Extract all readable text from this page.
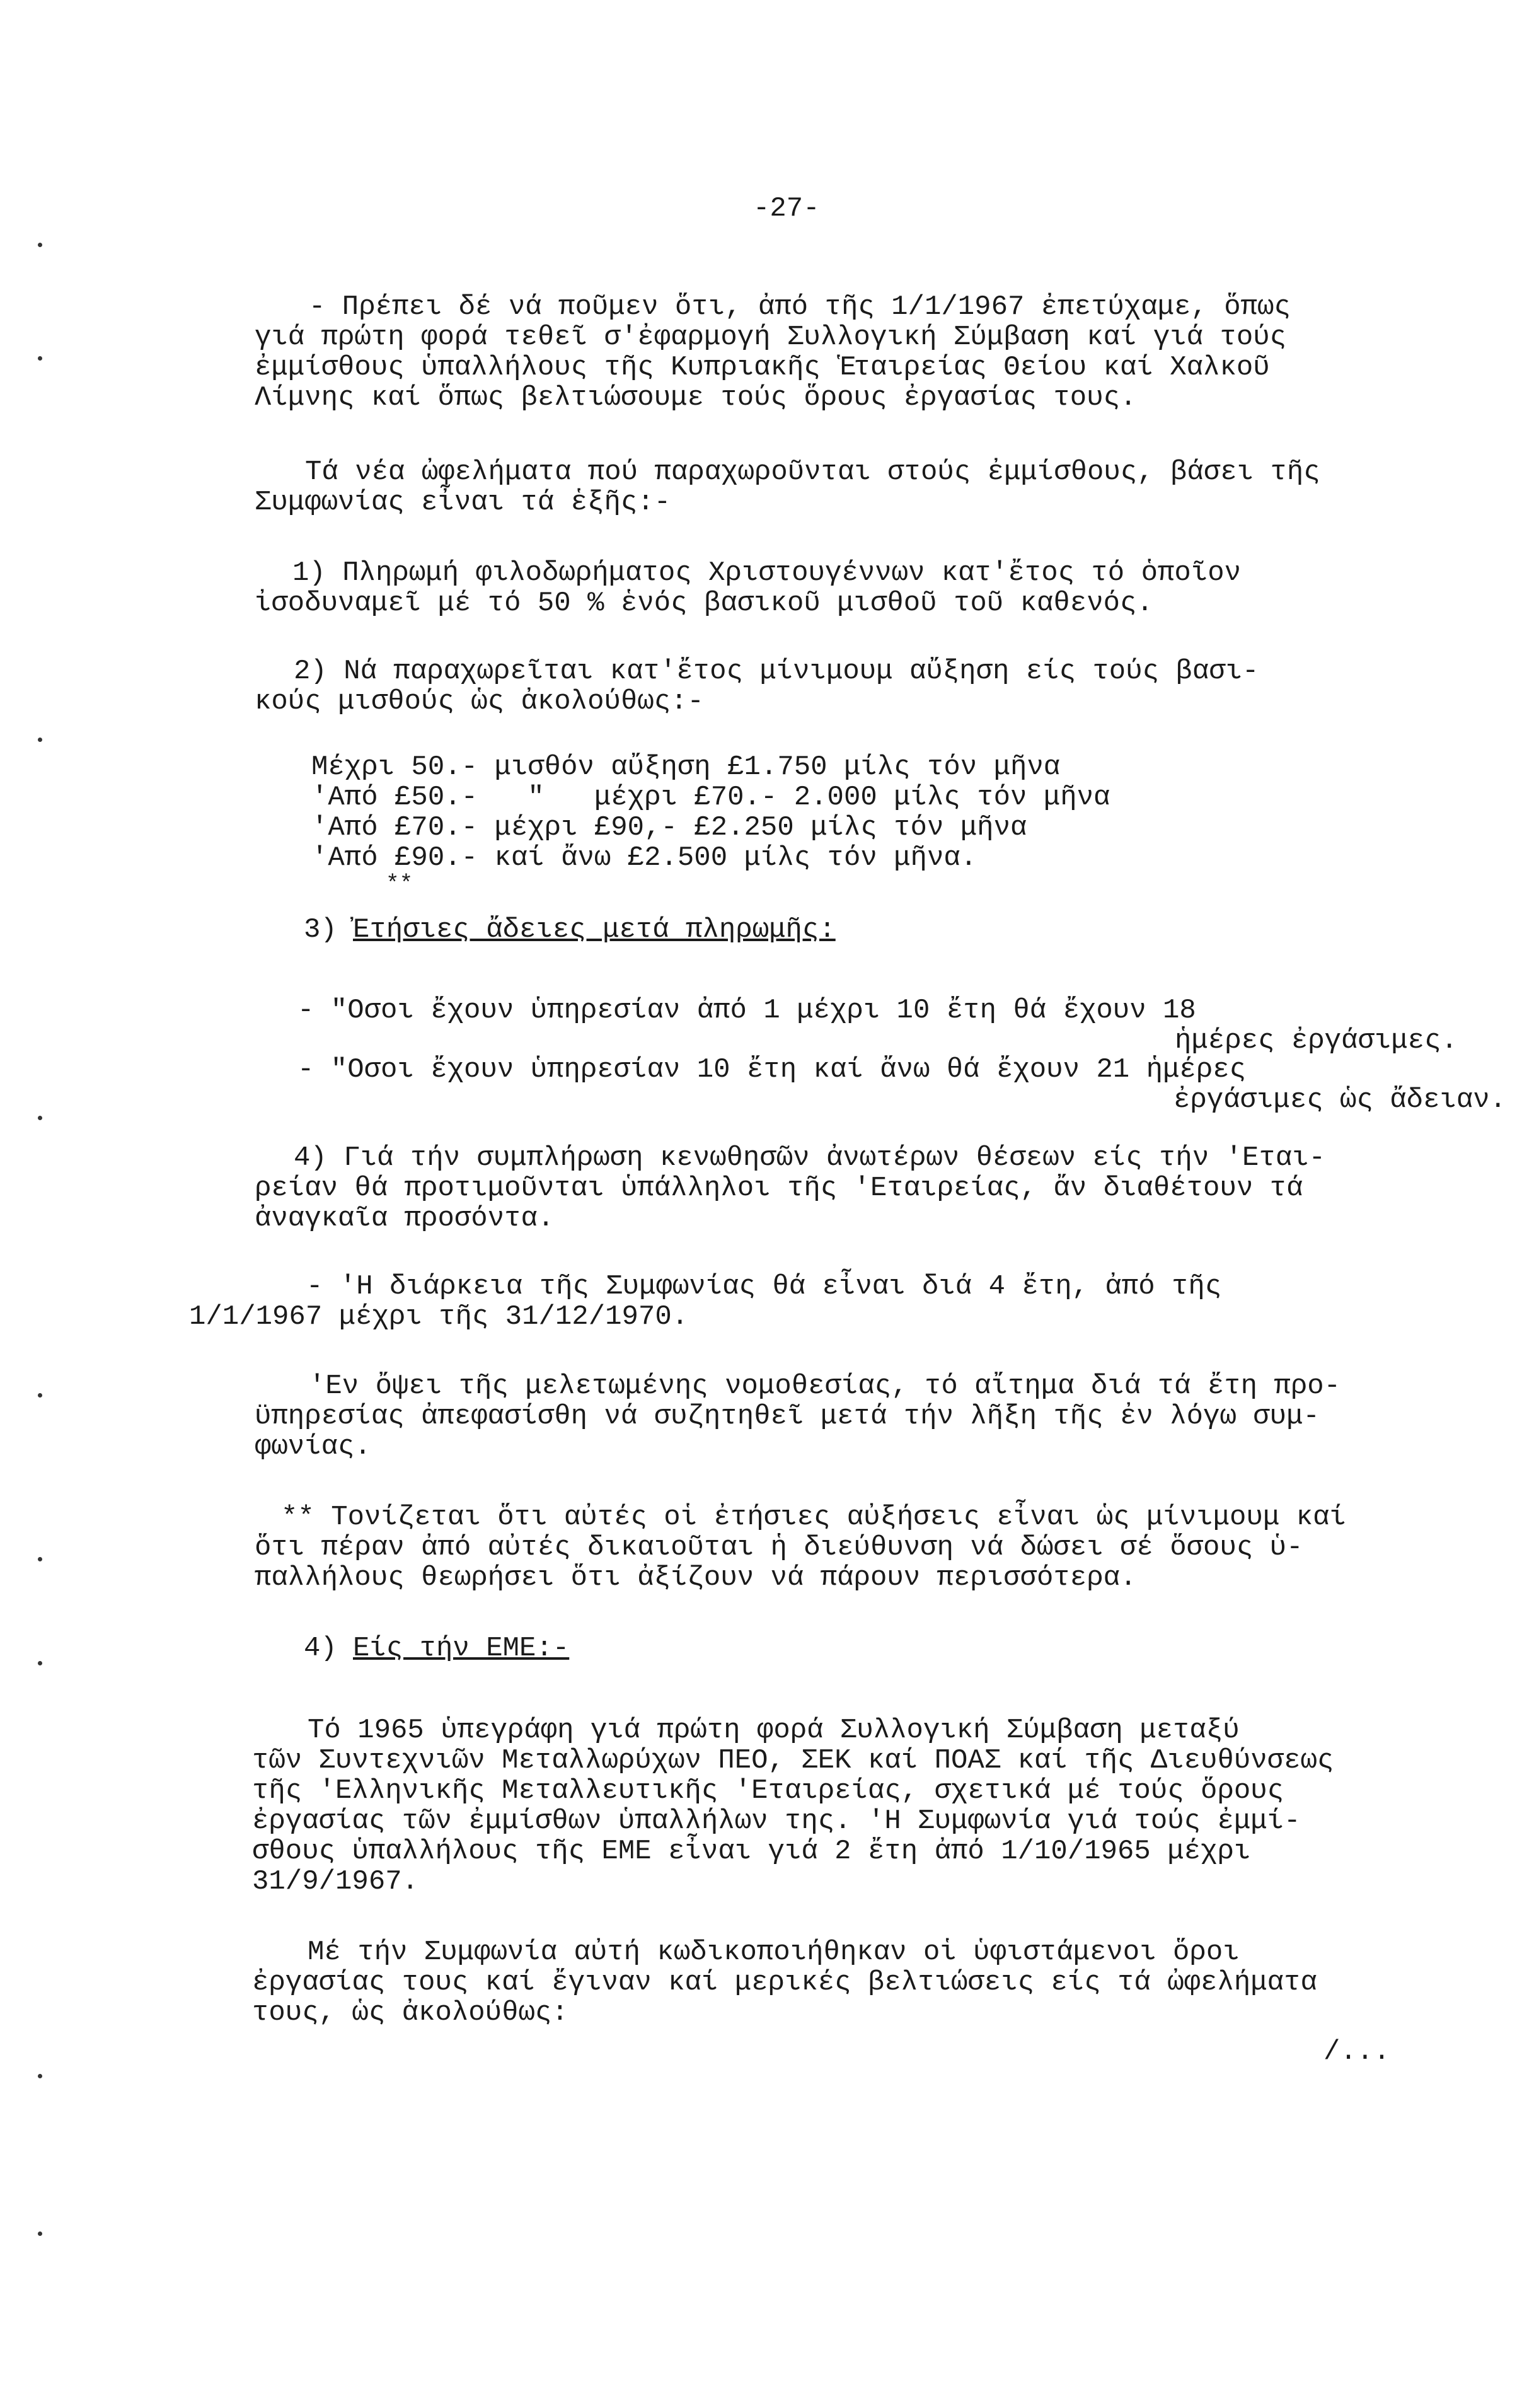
-27-
- Πρέπει δέ νά ποῦμεν ὅτι, ἀπό τῆς 1/1/1967 ἐπετύχαμε, ὅπως
γιά πρώτη φορά τεθεῖ σ'ἐφαρμογή Συλλογική Σύμβαση καί γιά τούς
ἐμμίσθους ὑπαλλήλους τῆς Κυπριακῆς Ἑταιρείας Θείου καί Χαλκοῦ
Λίμνης καί ὅπως βελτιώσουμε τούς ὅρους ἐργασίας τους.
Τά νέα ὠφελήματα πού παραχωροῦνται στούς ἐμμίσθους, βάσει τῆς
Συμφωνίας εἶναι τά ἑξῆς:-
1) Πληρωμή φιλοδωρήματος Χριστουγέννων κατ'ἔτος τό ὁποῖον
ἰσοδυναμεῖ μέ τό 50 % ἑνός βασικοῦ μισθοῦ τοῦ καθενός.
2) Νά παραχωρεῖται κατ'ἔτος μίνιμουμ αὔξηση είς τούς βασι-
κούς μισθούς ὡς ἀκολούθως:-
Μέχρι 50.- μισθόν αὔξηση £1.750 μίλς τόν μῆνα
'Από £50.-   "   μέχρι £70.- 2.000 μίλς τόν μῆνα
'Από £70.- μέχρι £90,- £2.250 μίλς τόν μῆνα
'Από £90.- καί ἄνω £2.500 μίλς τόν μῆνα.
**
3) Ἐτήσιες ἄδειες μετά πληρωμῆς:
- "Οσοι ἔχουν ὑπηρεσίαν ἀπό 1 μέχρι 10 ἔτη θά ἔχουν 18
ἡμέρες ἐργάσιμες.
- "Οσοι ἔχουν ὑπηρεσίαν 10 ἔτη καί ἄνω θά ἔχουν 21 ἡμέρες
ἐργάσιμες ὡς ἄδειαν.
4) Γιά τήν συμπλήρωση κενωθησῶν ἀνωτέρων θέσεων είς τήν 'Εται-
ρείαν θά προτιμοῦνται ὑπάλληλοι τῆς 'Εταιρείας, ἄν διαθέτουν τά
ἀναγκαῖα προσόντα.
- 'Η διάρκεια τῆς Συμφωνίας θά εἶναι διά 4 ἔτη, ἀπό τῆς
1/1/1967 μέχρι τῆς 31/12/1970.
'Εν ὄψει τῆς μελετωμένης νομοθεσίας, τό αἴτημα διά τά ἔτη προ-
ϋπηρεσίας ἀπεφασίσθη νά συζητηθεῖ μετά τήν λῆξη τῆς ἐν λόγω συμ-
φωνίας.
** Τονίζεται ὅτι αὐτές οἱ ἐτήσιες αὐξήσεις εἶναι ὡς μίνιμουμ καί
ὅτι πέραν ἀπό αὐτές δικαιοῦται ἡ διεύθυνση νά δώσει σέ ὅσους ὑ-
παλλήλους θεωρήσει ὅτι ἀξίζουν νά πάρουν περισσότερα.
4) Είς τήν ΕΜΕ:-
Τό 1965 ὑπεγράφη γιά πρώτη φορά Συλλογική Σύμβαση μεταξύ
τῶν Συντεχνιῶν Μεταλλωρύχων ΠΕΟ, ΣΕΚ καί ΠΟΑΣ καί τῆς Διευθύνσεως
τῆς 'Ελληνικῆς Μεταλλευτικῆς 'Εταιρείας, σχετικά μέ τούς ὅρους
ἐργασίας τῶν ἐμμίσθων ὑπαλλήλων της. 'Η Συμφωνία γιά τούς ἐμμί-
σθους ὑπαλλήλους τῆς ΕΜΕ εἶναι γιά 2 ἔτη ἀπό 1/10/1965 μέχρι
31/9/1967.
Μέ τήν Συμφωνία αὐτή κωδικοποιήθηκαν οἱ ὑφιστάμενοι ὅροι
ἐργασίας τους καί ἔγιναν καί μερικές βελτιώσεις είς τά ὠφελήματα
τους, ὡς ἀκολούθως:
/...
